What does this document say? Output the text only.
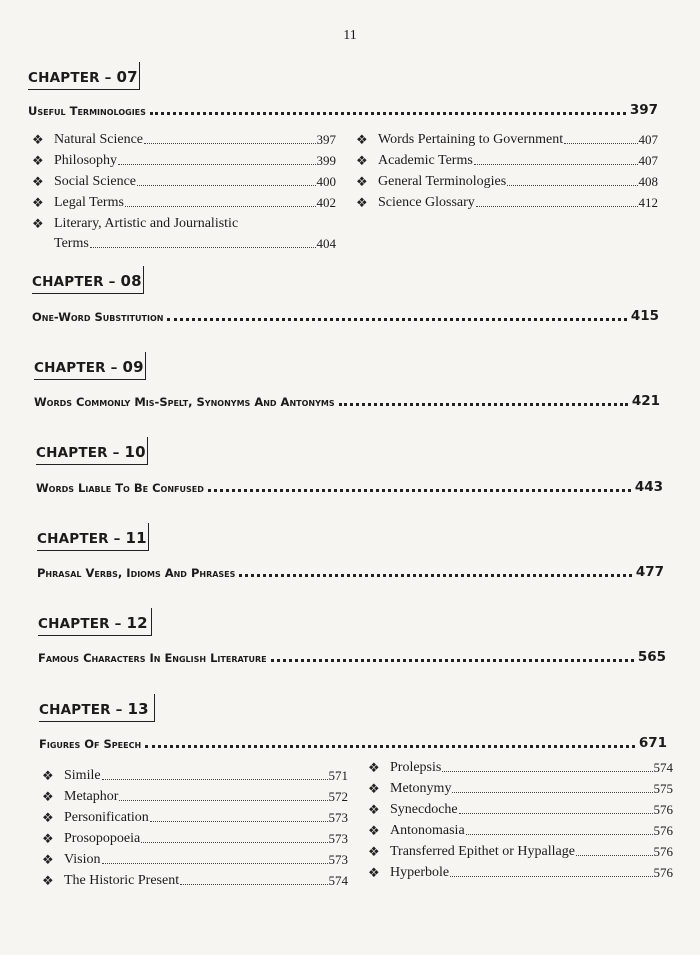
11
CHAPTER – 07
Useful Terminologies	397
❖ Natural Science	397
❖ Philosophy	399
❖ Social Science	400
❖ Legal Terms	402
❖ Words Pertaining to Government	407
❖ Academic Terms	407
❖ General Terminologies	408
❖ Science Glossary	412
❖ Literary, Artistic and Journalistic
Terms	404
CHAPTER – 08
One-Word Substitution	415
CHAPTER – 09
Words Commonly Mis-Spelt, Synonyms And Antonyms	421
CHAPTER – 10
Words Liable To Be Confused	443
CHAPTER – 11
Phrasal Verbs, Idioms And Phrases	477
CHAPTER – 12
Famous Characters In English Literature	565
CHAPTER – 13
Figures Of Speech	671
❖ Simile	571
❖ Metaphor	572
❖ Personification	573
❖ Prosopopoeia	573
❖ Vision	573
❖ The Historic Present	574
❖ Prolepsis	574
❖ Metonymy	575
❖ Synecdoche	576
❖ Antonomasia	576
❖ Transferred Epithet or Hypallage	576
❖ Hyperbole	576
